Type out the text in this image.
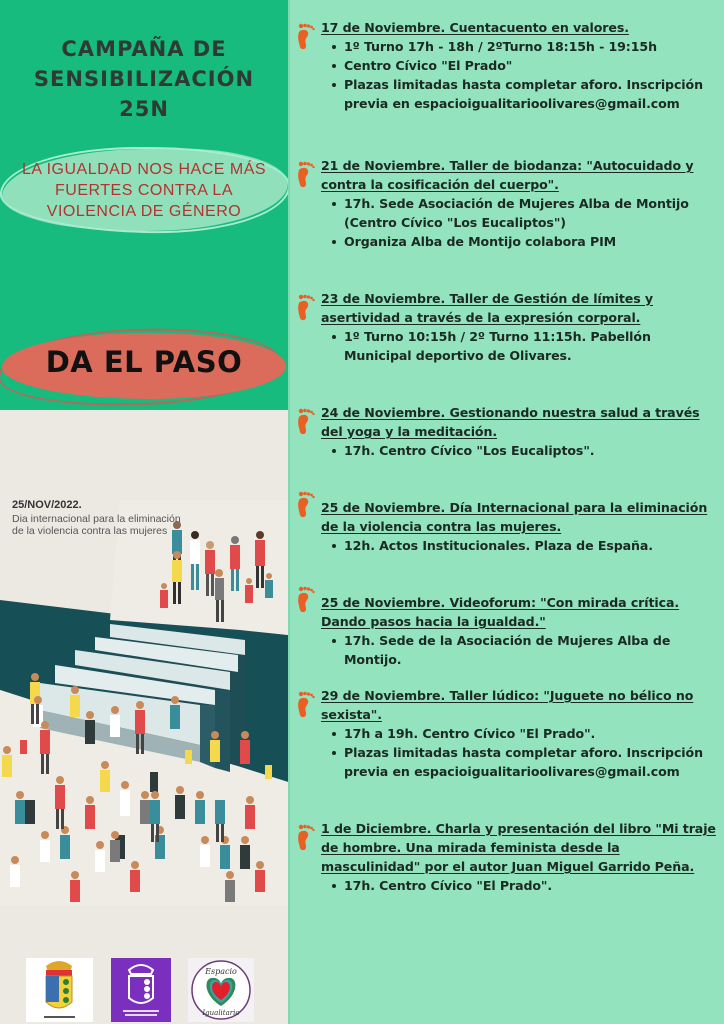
CAMPAÑA DE
SENSIBILIZACIÓN
25N
LA IGUALDAD NOS HACE MÁS
FUERTES CONTRA LA
VIOLENCIA DE GÉNERO
DA EL PASO
25/NOV/2022.
Dia internacional para la eliminación de la violencia contra las mujeres
Espacio
Igualitario
17 de Noviembre. Cuentacuento en valores.
1º Turno 17h - 18h / 2ºTurno 18:15h - 19:15h
Centro Cívico "El Prado"
Plazas limitadas hasta completar aforo. Inscripción previa en espacioigualitarioolivares@gmail.com
21 de Noviembre. Taller de biodanza: "Autocuidado y contra la cosificación del cuerpo".
17h. Sede Asociación de Mujeres Alba de Montijo (Centro Cívico "Los Eucaliptos")
Organiza Alba de Montijo colabora PIM
23 de Noviembre. Taller de Gestión de límites y asertividad a través de la expresión corporal.
1º Turno 10:15h / 2º Turno 11:15h. Pabellón Municipal deportivo de Olivares.
24 de Noviembre. Gestionando nuestra salud a través del yoga y la meditación.
17h. Centro Cívico "Los Eucaliptos".
25 de Noviembre. Día Internacional para la eliminación de la violencia contra las mujeres.
12h. Actos Institucionales. Plaza de España.
25 de Noviembre. Videoforum: "Con mirada crítica. Dando pasos hacia la igualdad."
17h. Sede de la Asociación de Mujeres Alba de Montijo.
29 de Noviembre. Taller lúdico: "Juguete no bélico no sexista".
17h a 19h. Centro Cívico "El Prado".
Plazas limitadas hasta completar aforo. Inscripción previa en espacioigualitarioolivares@gmail.com
1 de Diciembre. Charla y presentación del libro "Mi traje de hombre. Una mirada feminista desde la masculinidad" por el autor Juan Miguel Garrido Peña.
17h. Centro Cívico "El Prado".
